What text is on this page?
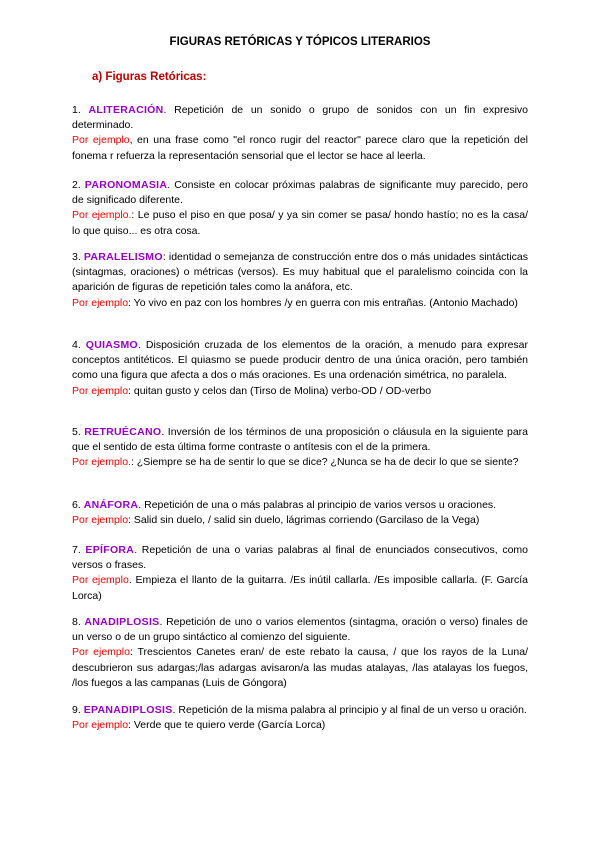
FIGURAS RETÓRICAS Y TÓPICOS LITERARIOS
a) Figuras Retóricas:

1. ALITERACIÓN. Repetición de un sonido o grupo de sonidos con un fin expresivo determinado.

Por ejemplo, en una frase como "el ronco rugir del reactor" parece claro que la repetición del fonema r refuerza la representación sensorial que el lector se hace al leerla.

2. PARONOMASIA. Consiste en colocar próximas palabras de significante muy parecido, pero de significado diferente.

Por ejemplo.: Le puso el piso en que posa/ y ya sin comer se pasa/ hondo hastío; no es la casa/ lo que quiso... es otra cosa.

3. PARALELISMO: identidad o semejanza de construcción entre dos o más unidades sintácticas (sintagmas, oraciones) o métricas (versos). Es muy habitual que el paralelismo coincida con la aparición de figuras de repetición tales como la anáfora, etc.

Por ejemplo: Yo vivo en paz con los hombres /y en guerra con mis entrañas. (Antonio Machado)

4. QUIASMO. Disposición cruzada de los elementos de la oración, a menudo para expresar conceptos antitéticos. El quiasmo se puede producir dentro de una única oración, pero también como una figura que afecta a dos o más oraciones. Es una ordenación simétrica, no paralela.

Por ejemplo: quitan gusto y celos dan (Tirso de Molina) verbo-OD / OD-verbo

5. RETRUÉCANO. Inversión de los términos de una proposición o cláusula en la siguiente para que el sentido de esta última forme contraste o antítesis con el de la primera.

Por ejemplo.: ¿Siempre se ha de sentir lo que se dice? ¿Nunca se ha de decir lo que se siente?

6. ANÁFORA. Repetición de una o más palabras al principio de varios versos u oraciones.

Por ejemplo: Salid sin duelo, / salid sin duelo, lágrimas corriendo (Garcilaso de la Vega)

7. EPÍFORA. Repetición de una o varias palabras al final de enunciados consecutivos, como versos o frases.

Por ejemplo. Empieza el llanto de la guitarra. /Es inútil callarla. /Es imposible callarla. (F. García Lorca)

8. ANADIPLOSIS. Repetición de uno o varios elementos (sintagma, oración o verso) finales de un verso o de un grupo sintáctico al comienzo del siguiente.

Por ejemplo: Trescientos Canetes eran/ de este rebato la causa, / que los rayos de la Luna/ descubrieron sus adargas;/las adargas avisaron/a las mudas atalayas, /las atalayas los fuegos, /los fuegos a las campanas (Luis de Góngora)

9. EPANADIPLOSIS. Repetición de la misma palabra al principio y al final de un verso u oración.

Por ejemplo: Verde que te quiero verde (García Lorca)
